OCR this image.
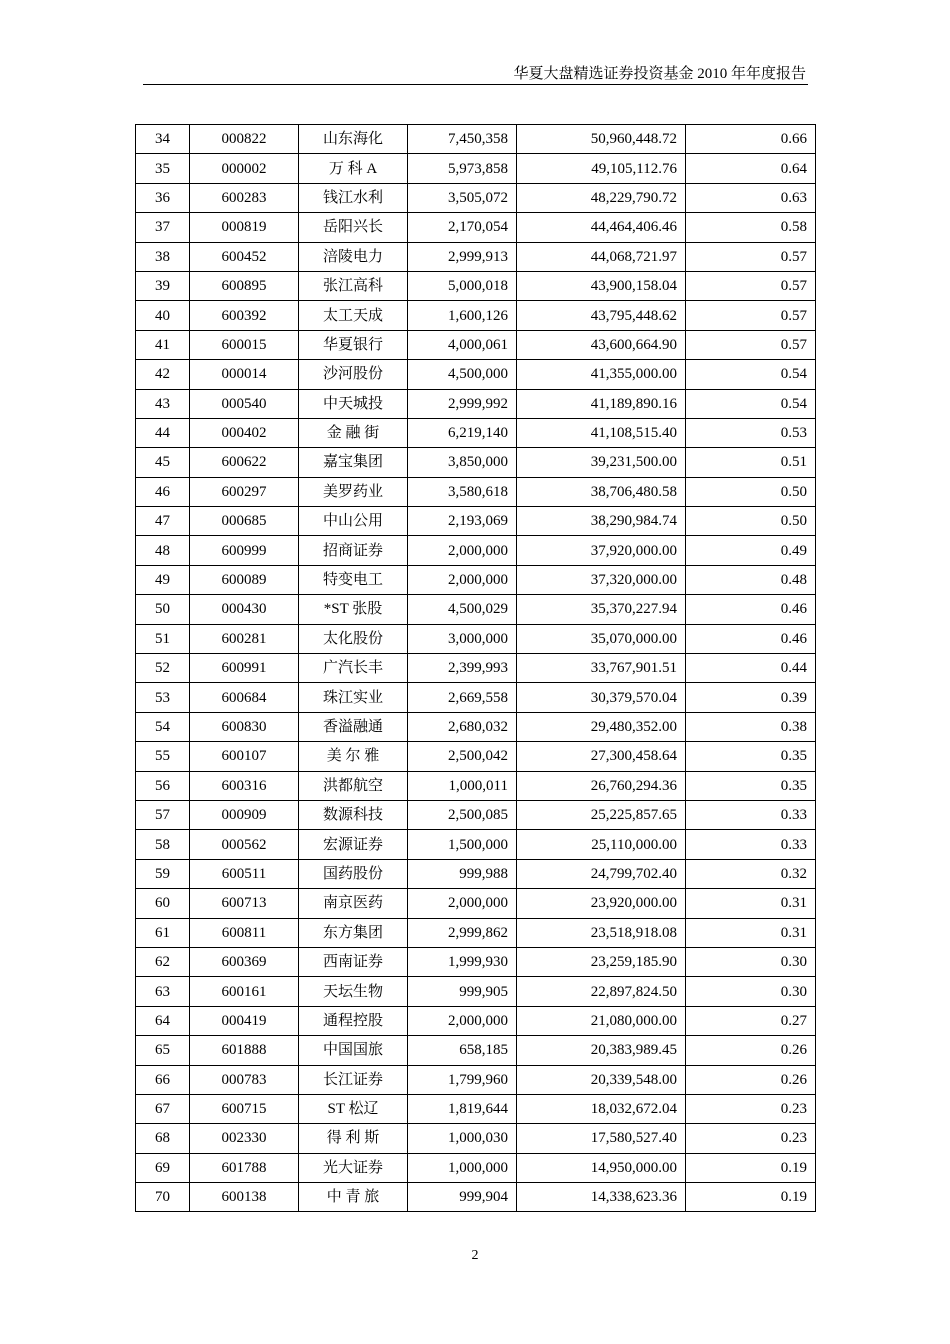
华夏大盘精选证券投资基金 2010 年年度报告
34	000822	山东海化	7,450,358	50,960,448.72	0.66
35	000002	万 科 A	5,973,858	49,105,112.76	0.64
36	600283	钱江水利	3,505,072	48,229,790.72	0.63
37	000819	岳阳兴长	2,170,054	44,464,406.46	0.58
38	600452	涪陵电力	2,999,913	44,068,721.97	0.57
39	600895	张江高科	5,000,018	43,900,158.04	0.57
40	600392	太工天成	1,600,126	43,795,448.62	0.57
41	600015	华夏银行	4,000,061	43,600,664.90	0.57
42	000014	沙河股份	4,500,000	41,355,000.00	0.54
43	000540	中天城投	2,999,992	41,189,890.16	0.54
44	000402	金 融 街	6,219,140	41,108,515.40	0.53
45	600622	嘉宝集团	3,850,000	39,231,500.00	0.51
46	600297	美罗药业	3,580,618	38,706,480.58	0.50
47	000685	中山公用	2,193,069	38,290,984.74	0.50
48	600999	招商证券	2,000,000	37,920,000.00	0.49
49	600089	特变电工	2,000,000	37,320,000.00	0.48
50	000430	*ST 张股	4,500,029	35,370,227.94	0.46
51	600281	太化股份	3,000,000	35,070,000.00	0.46
52	600991	广汽长丰	2,399,993	33,767,901.51	0.44
53	600684	珠江实业	2,669,558	30,379,570.04	0.39
54	600830	香溢融通	2,680,032	29,480,352.00	0.38
55	600107	美 尔 雅	2,500,042	27,300,458.64	0.35
56	600316	洪都航空	1,000,011	26,760,294.36	0.35
57	000909	数源科技	2,500,085	25,225,857.65	0.33
58	000562	宏源证券	1,500,000	25,110,000.00	0.33
59	600511	国药股份	999,988	24,799,702.40	0.32
60	600713	南京医药	2,000,000	23,920,000.00	0.31
61	600811	东方集团	2,999,862	23,518,918.08	0.31
62	600369	西南证券	1,999,930	23,259,185.90	0.30
63	600161	天坛生物	999,905	22,897,824.50	0.30
64	000419	通程控股	2,000,000	21,080,000.00	0.27
65	601888	中国国旅	658,185	20,383,989.45	0.26
66	000783	长江证券	1,799,960	20,339,548.00	0.26
67	600715	ST 松辽	1,819,644	18,032,672.04	0.23
68	002330	得 利 斯	1,000,030	17,580,527.40	0.23
69	601788	光大证券	1,000,000	14,950,000.00	0.19
70	600138	中 青 旅	999,904	14,338,623.36	0.19
2
